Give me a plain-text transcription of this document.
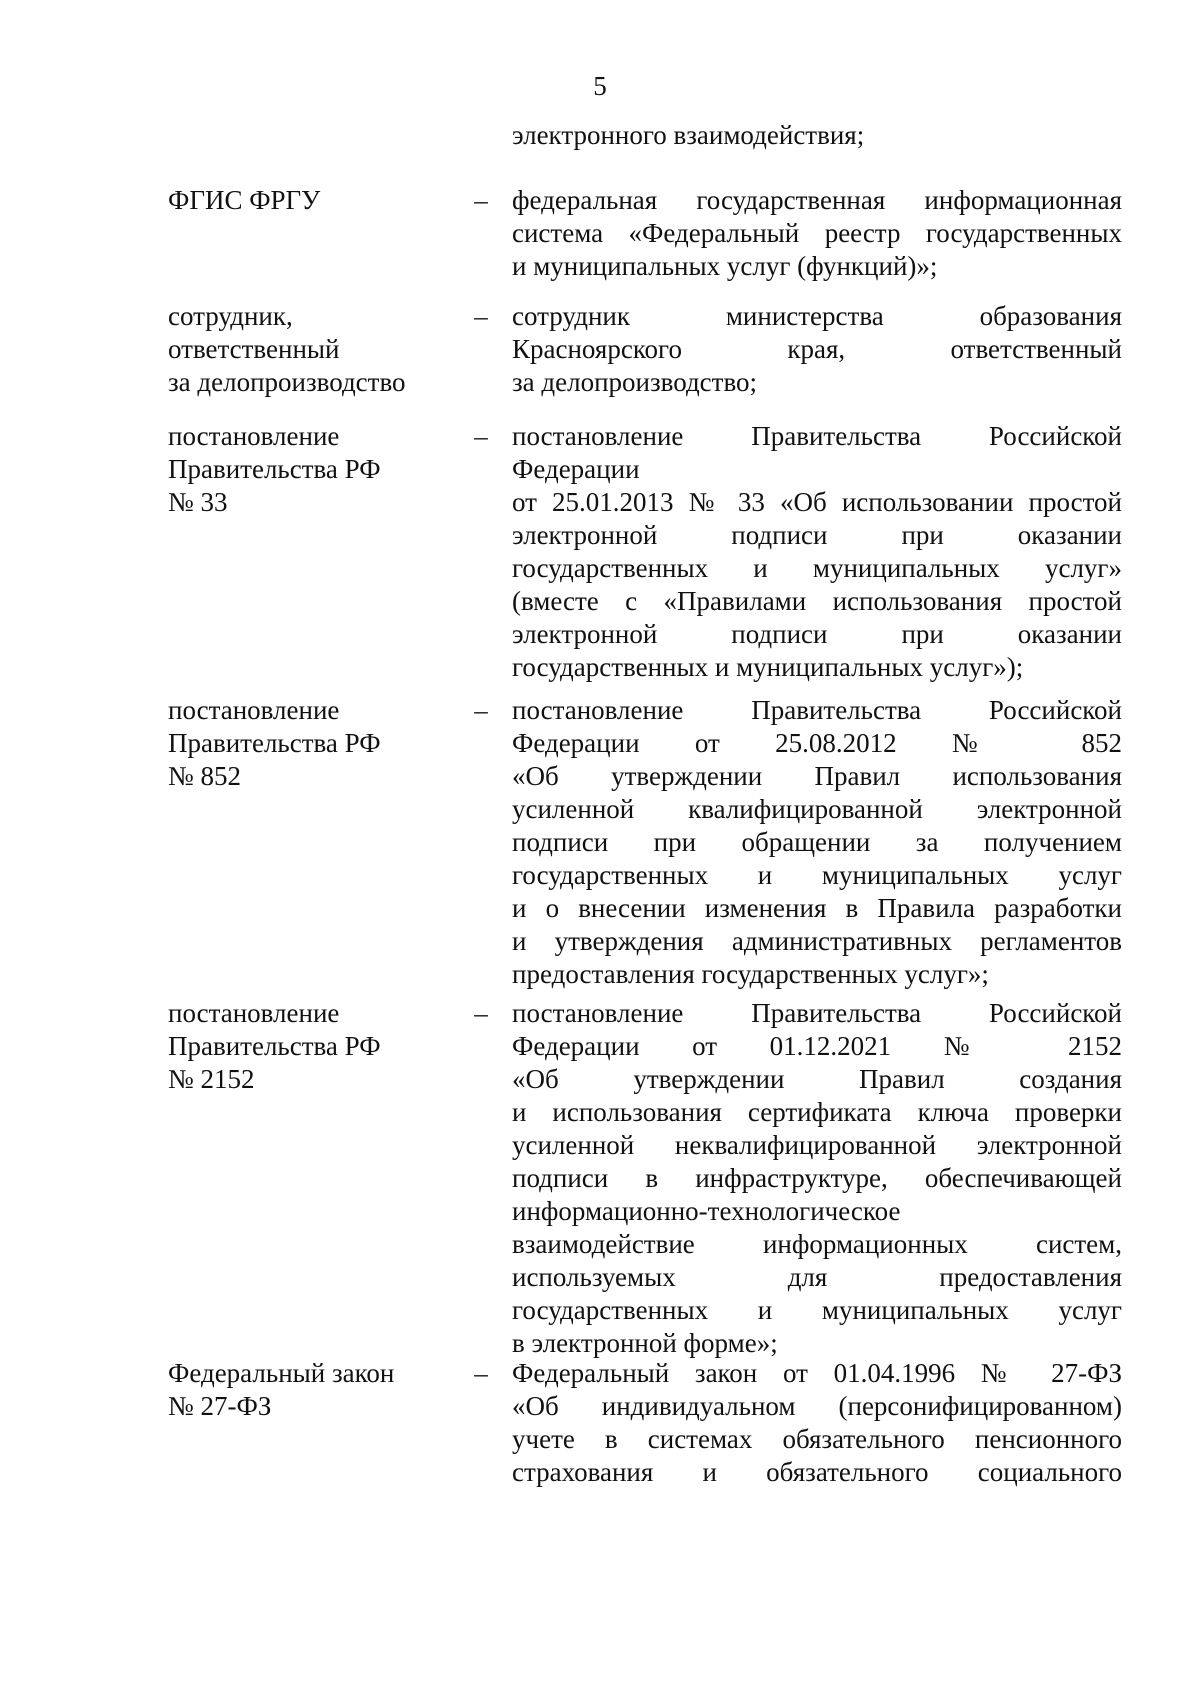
5
электронного взаимодействия;
ФГИС ФРГУ	– федеральная государственная информационная
система «Федеральный реестр государственных
и муниципальных услуг (функций)»;
сотрудник,
ответственный
за делопроизводство
– сотрудник министерства образования
Красноярского края, ответственный
за делопроизводство;
постановление
Правительства РФ
№ 33
– постановление Правительства Российской
Федерации
от 25.01.2013 № 33 «Об использовании простой
электронной подписи при оказании
государственных и муниципальных услуг»
(вместе с «Правилами использования простой
электронной подписи при оказании
государственных и муниципальных услуг»);
постановление
Правительства РФ
№ 852
– постановление Правительства Российской
Федерации от 25.08.2012 № 852
«Об утверждении Правил использования
усиленной квалифицированной электронной
подписи при обращении за получением
государственных и муниципальных услуг
и о внесении изменения в Правила разработки
и утверждения административных регламентов
предоставления государственных услуг»;
постановление
Правительства РФ
№ 2152
– постановление Правительства Российской
Федерации от 01.12.2021 № 2152
«Об утверждении Правил создания
и использования сертификата ключа проверки
усиленной неквалифицированной электронной
подписи в инфраструктуре, обеспечивающей
информационно-технологическое
взаимодействие информационных систем,
используемых для предоставления
государственных и муниципальных услуг
в электронной форме»;
Федеральный закон
№ 27-ФЗ
– Федеральный закон от 01.04.1996 № 27-ФЗ
«Об индивидуальном (персонифицированном)
учете в системах обязательного пенсионного
страхования и обязательного социального
